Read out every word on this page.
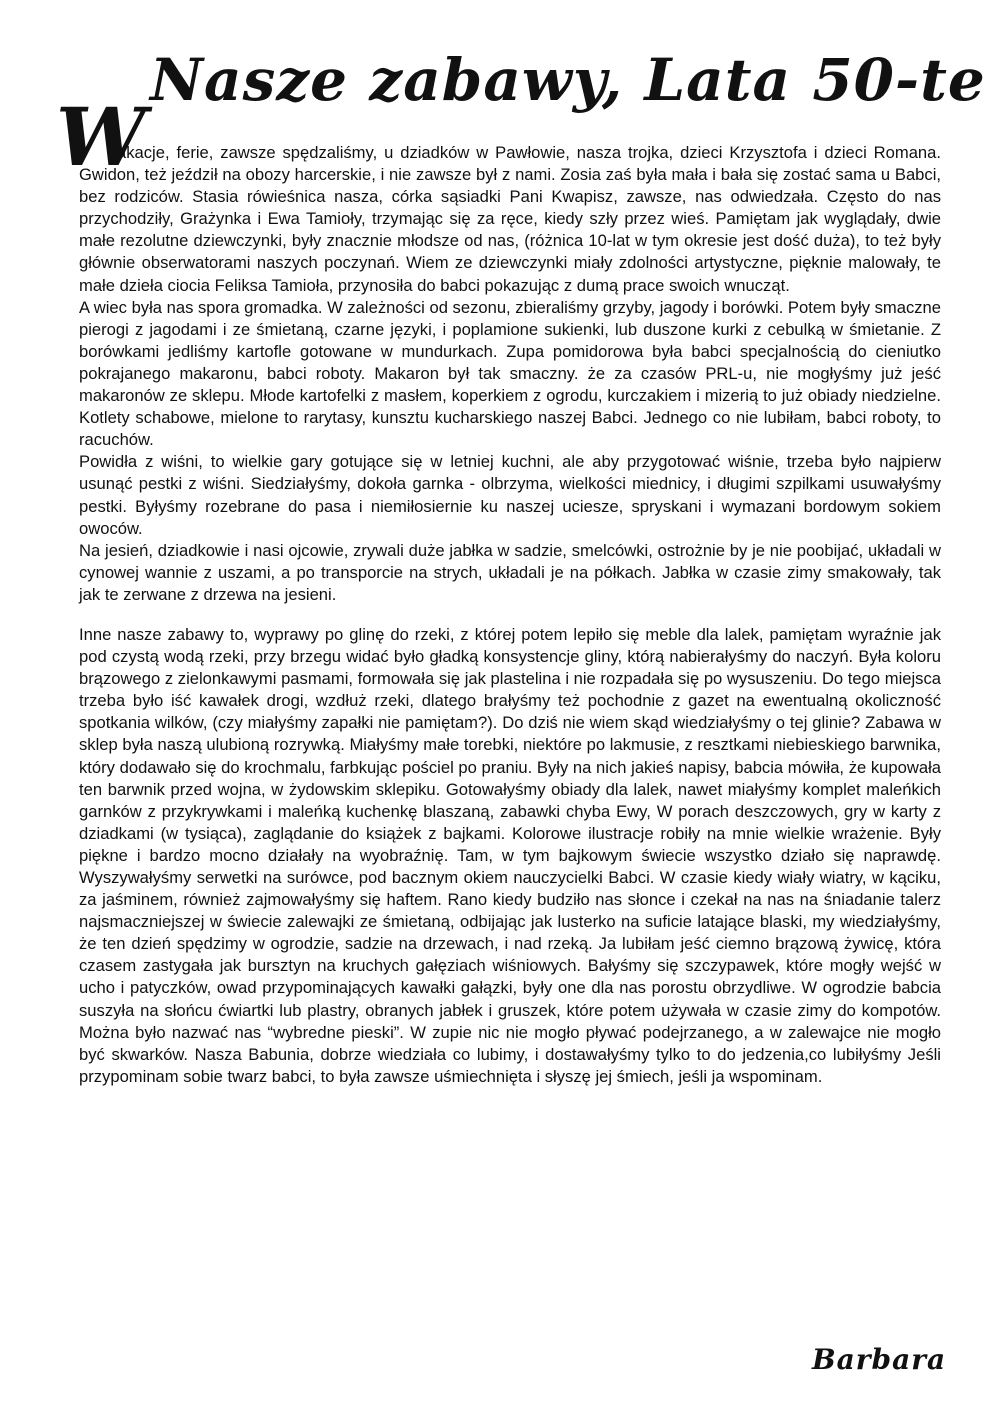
Nasze zabawy, Lata 50-te
W

akacje, ferie, zawsze spędzaliśmy, u dziadków w Pawłowie, nasza trojka, dzieci Krzysztofa i dzieci Romana. Gwidon, też jeździł na obozy harcerskie, i nie zawsze był z nami. Zosia zaś była mała i bała się zostać sama u Babci, bez rodziców. Stasia rówieśnica nasza, córka sąsiadki Pani Kwapisz, zawsze, nas odwiedzała. Często do nas przychodziły, Grażynka i Ewa Tamioły, trzymając się za ręce, kiedy szły przez wieś. Pamiętam jak wyglądały, dwie małe rezolutne dziewczynki, były znacznie młodsze od nas, (różnica 10-lat w tym okresie jest dość duża), to też były głównie obserwatorami naszych poczynań. Wiem ze dziewczynki miały zdolności artystyczne, pięknie malowały, te małe dzieła ciocia Feliksa Tamioła, przynosiła do babci pokazując z dumą prace swoich wnucząt.

A wiec była nas spora gromadka. W zależności od sezonu, zbieraliśmy grzyby, jagody i borówki. Potem były smaczne pierogi z jagodami i ze śmietaną, czarne języki, i poplamione sukienki, lub duszone kurki z cebulką w śmietanie. Z borówkami jedliśmy kartofle gotowane w mundurkach. Zupa pomidorowa była babci specjalnością do cieniutko pokrajanego makaronu, babci roboty. Makaron był tak smaczny. że za czasów PRL-u, nie mogłyśmy już jeść makaronów ze sklepu. Młode kartofelki z masłem, koperkiem z ogrodu, kurczakiem i mizerią to już obiady niedzielne. Kotlety schabowe, mielone to rarytasy, kunsztu kucharskiego naszej Babci. Jednego co nie lubiłam, babci roboty, to racuchów.

Powidła z wiśni, to wielkie gary gotujące się w letniej kuchni, ale aby przygotować wiśnie, trzeba było najpierw usunąć pestki z wiśni. Siedziałyśmy, dokoła garnka - olbrzyma, wielkości miednicy, i długimi szpilkami usuwałyśmy pestki. Byłyśmy rozebrane do pasa i niemiłosiernie ku naszej uciesze, spryskani i wymazani bordowym sokiem owoców.

Na jesień, dziadkowie i nasi ojcowie, zrywali duże jabłka w sadzie, smelcówki, ostrożnie by je nie poobijać, układali w cynowej wannie z uszami, a po transporcie na strych, układali je na półkach. Jabłka w czasie zimy smakowały, tak jak te zerwane z drzewa na jesieni.

Inne nasze zabawy to, wyprawy po glinę do rzeki, z której potem lepiło się meble dla lalek, pamiętam wyraźnie jak pod czystą wodą rzeki, przy brzegu widać było gładką konsystencje gliny, którą nabierałyśmy do naczyń. Była koloru brązowego z zielonkawymi pasmami, formowała się jak plastelina i nie rozpadała się po wysuszeniu. Do tego miejsca trzeba było iść kawałek drogi, wzdłuż rzeki, dlatego brałyśmy też pochodnie z gazet na ewentualną okoliczność spotkania wilków, (czy miałyśmy zapałki nie pamiętam?). Do dziś nie wiem skąd wiedziałyśmy o tej glinie? Zabawa w sklep była naszą ulubioną rozrywką. Miałyśmy małe torebki, niektóre po lakmusie, z resztkami niebieskiego barwnika, który dodawało się do krochmalu, farbkując pościel po praniu. Były na nich jakieś napisy, babcia mówiła, że kupowała ten barwnik przed wojna, w żydowskim sklepiku. Gotowałyśmy obiady dla lalek, nawet miałyśmy komplet maleńkich garnków z przykrywkami i maleńką kuchenkę blaszaną, zabawki chyba Ewy, W porach deszczowych, gry w karty z dziadkami (w tysiąca), zaglądanie do książek z bajkami. Kolorowe ilustracje robiły na mnie wielkie wrażenie. Były piękne i bardzo mocno działały na wyobraźnię. Tam, w tym bajkowym świecie wszystko działo się naprawdę. Wyszywałyśmy serwetki na surówce, pod bacznym okiem nauczycielki Babci. W czasie kiedy wiały wiatry, w kąciku, za jaśminem, również zajmowałyśmy się haftem. Rano kiedy budziło nas słonce i czekał na nas na śniadanie talerz najsmaczniejszej w świecie zalewajki ze śmietaną, odbijając jak lusterko na suficie latające blaski, my wiedziałyśmy, że ten dzień spędzimy w ogrodzie, sadzie na drzewach, i nad rzeką. Ja lubiłam jeść ciemno brązową żywicę, która czasem zastygała jak bursztyn na kruchych gałęziach wiśniowych. Bałyśmy się szczypawek, które mogły wejść w ucho i patyczków, owad przypominających kawałki gałązki, były one dla nas porostu obrzydliwe. W ogrodzie babcia suszyła na słońcu ćwiartki lub plastry, obranych jabłek i gruszek, które potem używała w czasie zimy do kompotów. Można było nazwać nas “wybredne pieski”. W zupie nic nie mogło pływać podejrzanego, a w zalewajce nie mogło być skwarków. Nasza Babunia, dobrze wiedziała co lubimy, i dostawałyśmy tylko to do jedzenia,co lubiłyśmy Jeśli przypominam sobie twarz babci, to była zawsze uśmiechnięta i słyszę jej śmiech, jeśli ja wspominam.

Barbara
